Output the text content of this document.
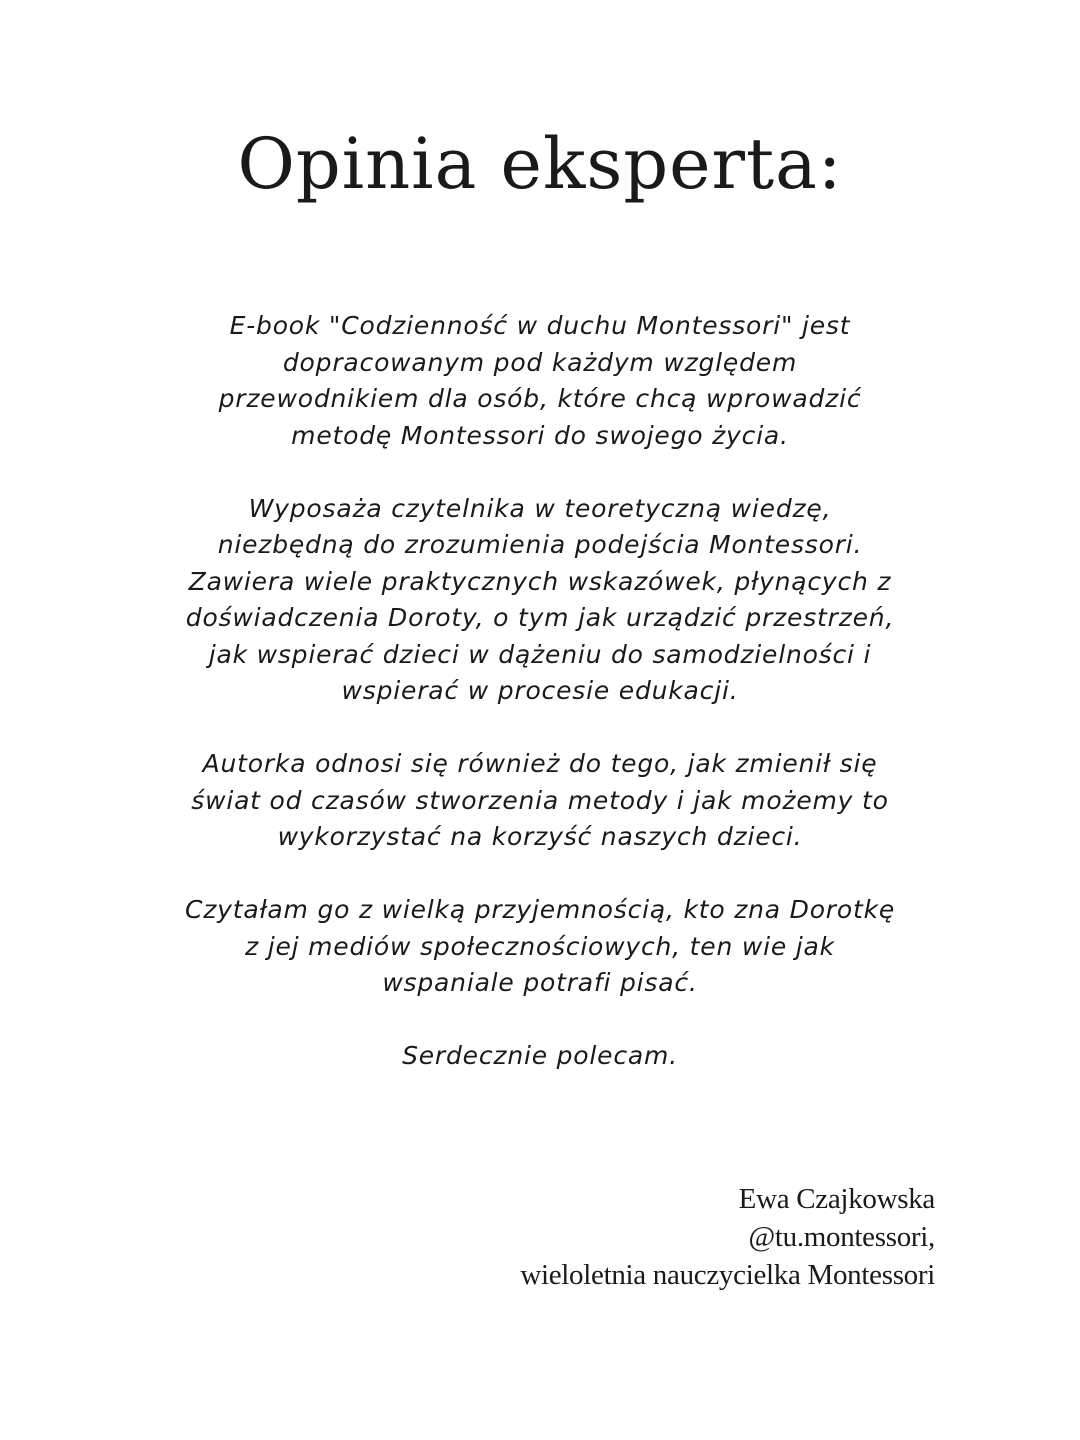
Opinia eksperta:

E-book "Codzienność w duchu Montessori" jest
dopracowanym pod każdym względem
przewodnikiem dla osób, które chcą wprowadzić
metodę Montessori do swojego życia.

Wyposaża czytelnika w teoretyczną wiedzę,
niezbędną do zrozumienia podejścia Montessori.
Zawiera wiele praktycznych wskazówek, płynących z
doświadczenia Doroty, o tym jak urządzić przestrzeń,
jak wspierać dzieci w dążeniu do samodzielności i
wspierać w procesie edukacji.

Autorka odnosi się również do tego, jak zmienił się
świat od czasów stworzenia metody i jak możemy to
wykorzystać na korzyść naszych dzieci.

Czytałam go z wielką przyjemnością, kto zna Dorotkę
z jej mediów społecznościowych, ten wie jak
wspaniale potrafi pisać.

Serdecznie polecam.

Ewa Czajkowska
@tu.montessori,
wieloletnia nauczycielka Montessori
